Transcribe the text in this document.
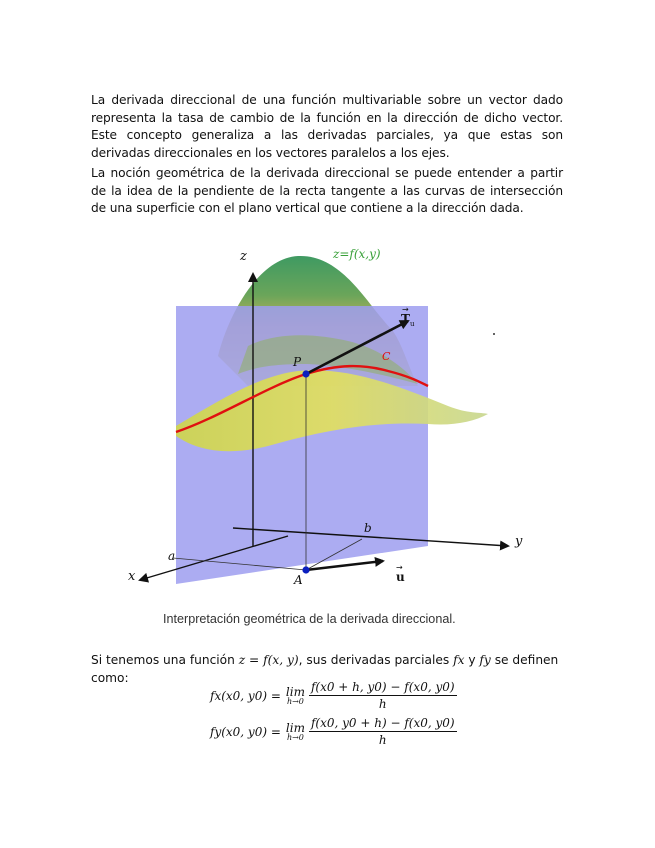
La derivada direccional de una función multivariable sobre un vector dado representa la tasa de cambio de la función en la dirección de dicho vector. Este concepto generaliza a las derivadas parciales, ya que estas son derivadas direccionales en los vectores paralelos a los ejes.

La noción geométrica de la derivada direccional se puede entender a partir de la idea de la pendiente de la recta tangente a las curvas de intersección de una superficie con el plano vertical que contiene a la dirección dada.

z=f(x,y)
z
y
x
a
b
P
A
C
T u
→
u
→
Interpretación geométrica de la derivada direccional.
Si tenemos una función z = f(x, y), sus derivadas parciales fx y fy se definen como:
fx(x0, y0) = lim
$h\to 0 \frac{f(x0 + h, y0) - f(x0, y0)}{h}$
fy(x0, y0) = lim
$h\to 0 \frac{f(x0, y0 + h) - f(x0, y0)}{h}$
